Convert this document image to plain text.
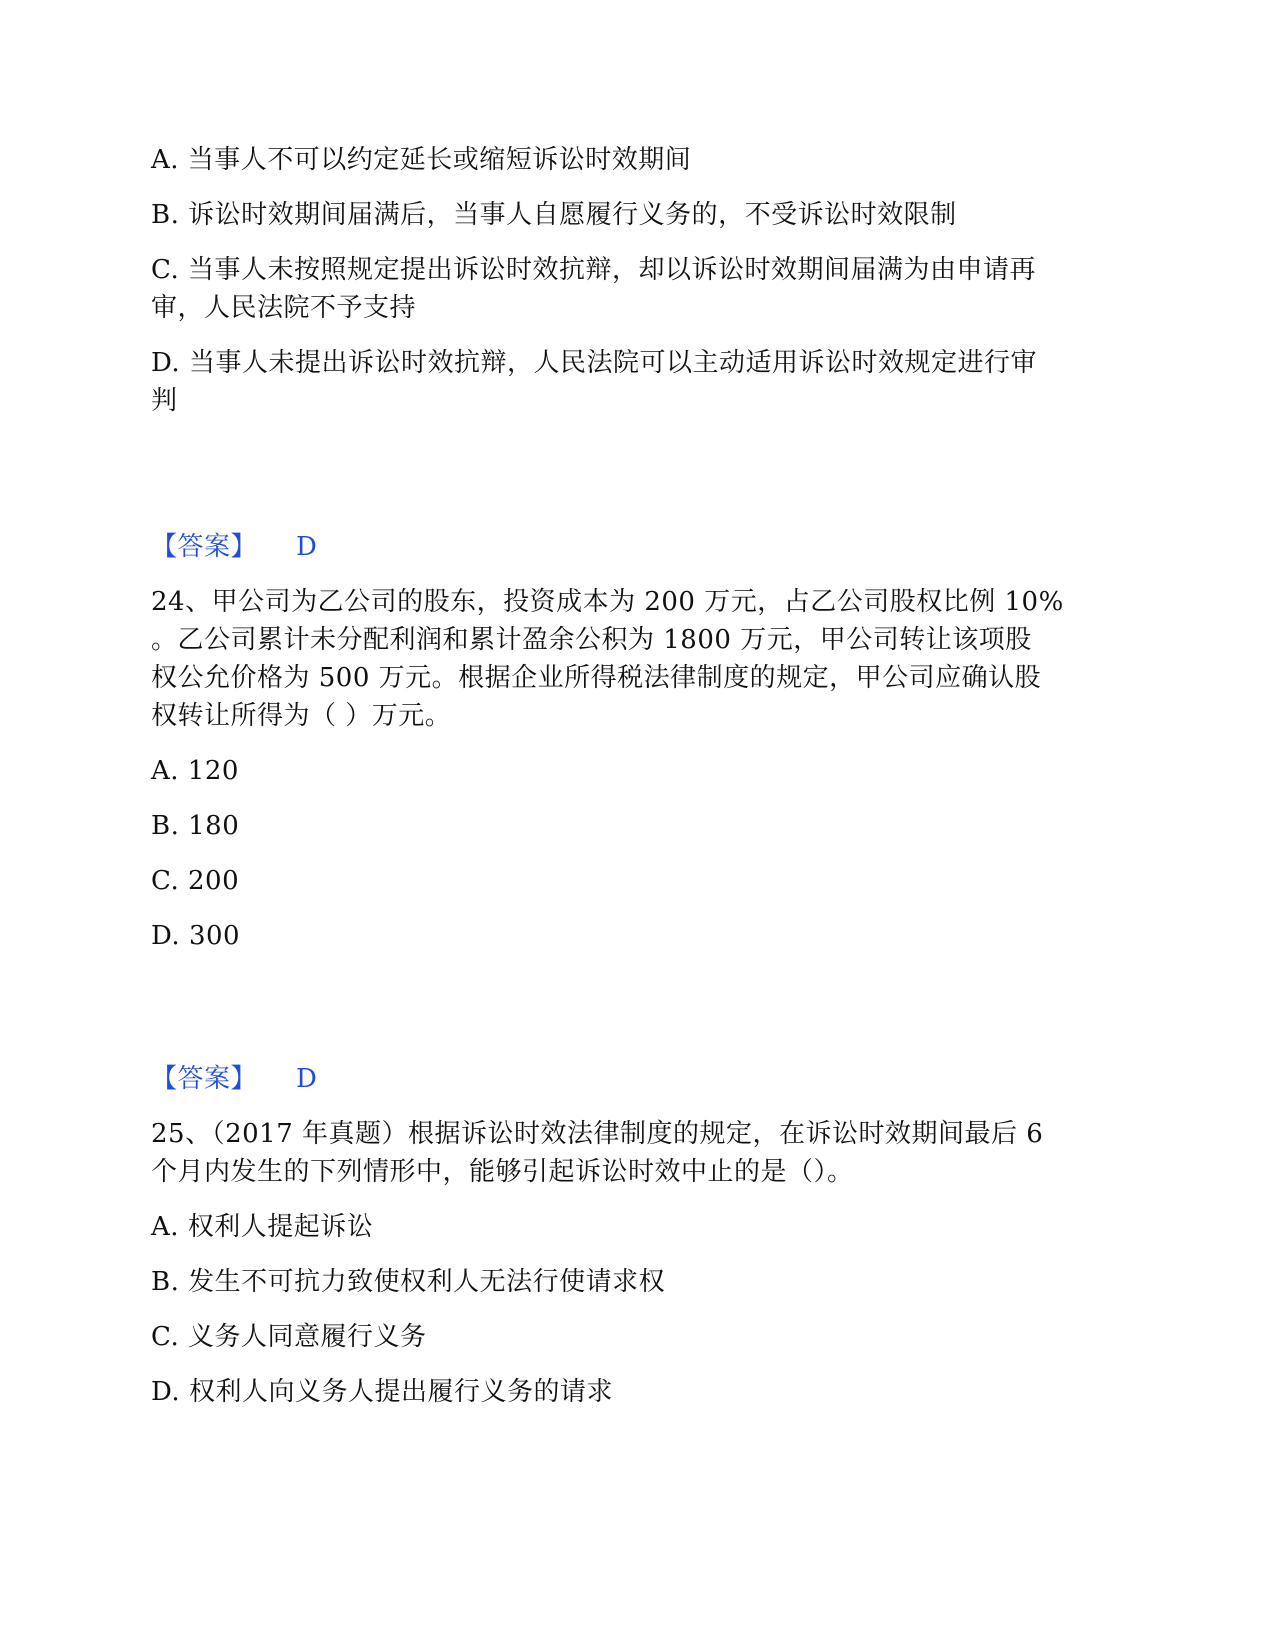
A. 当事人不可以约定延长或缩短诉讼时效期间
B. 诉讼时效期间届满后，当事人自愿履行义务的，不受诉讼时效限制
C. 当事人未按照规定提出诉讼时效抗辩，却以诉讼时效期间届满为由申请再
审，人民法院不予支持
D. 当事人未提出诉讼时效抗辩，人民法院可以主动适用诉讼时效规定进行审
判
【答案】 D
24、甲公司为乙公司的股东，投资成本为 200 万元，占乙公司股权比例 10%
。乙公司累计未分配利润和累计盈余公积为 1800 万元，甲公司转让该项股
权公允价格为 500 万元。根据企业所得税法律制度的规定，甲公司应确认股
权转让所得为（ ）万元。
A. 120
B. 180
C. 200
D. 300
【答案】 D
25、（2017 年真题）根据诉讼时效法律制度的规定，在诉讼时效期间最后 6
个月内发生的下列情形中，能够引起诉讼时效中止的是（）。
A. 权利人提起诉讼
B. 发生不可抗力致使权利人无法行使请求权
C. 义务人同意履行义务
D. 权利人向义务人提出履行义务的请求
